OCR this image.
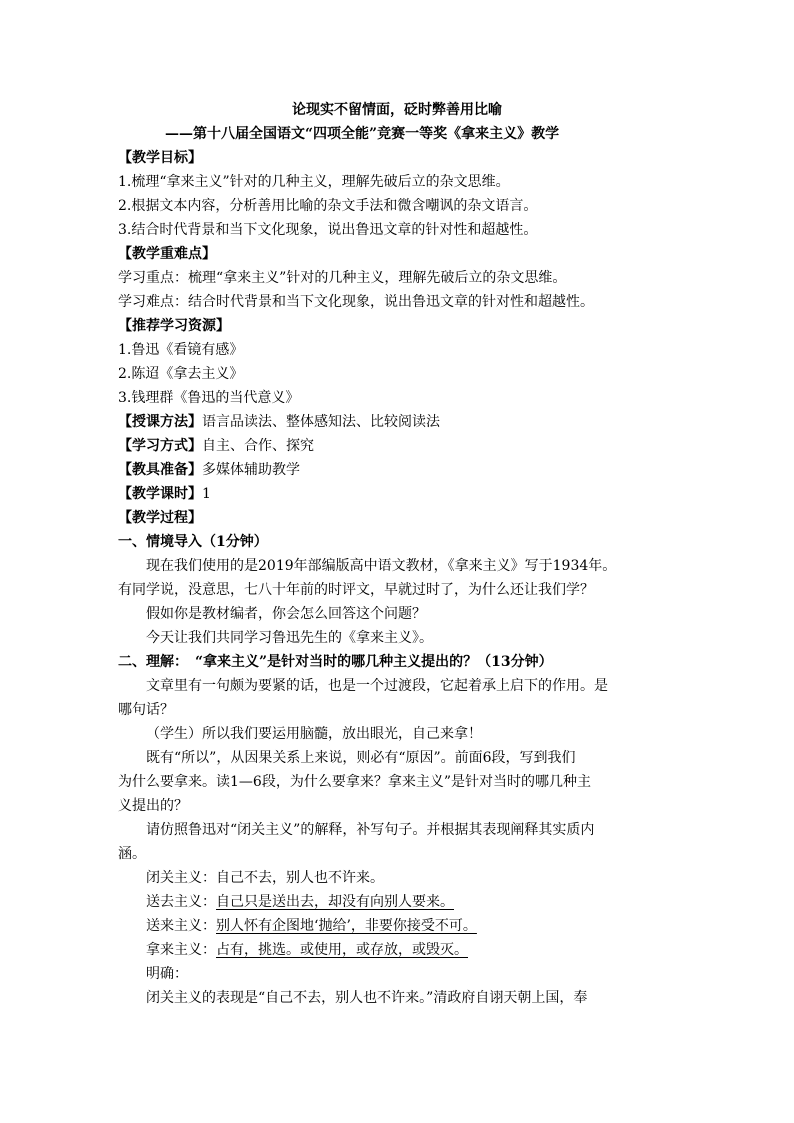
论现实不留情面，砭时弊善用比喻
——第十八届全国语文“四项全能”竞赛一等奖《拿来主义》教学
【教学目标】
1.梳理“拿来主义”针对的几种主义，理解先破后立的杂文思维。
2.根据文本内容，分析善用比喻的杂文手法和微含嘲讽的杂文语言。
3.结合时代背景和当下文化现象，说出鲁迅文章的针对性和超越性。
【教学重难点】
学习重点：梳理“拿来主义”针对的几种主义，理解先破后立的杂文思维。
学习难点：结合时代背景和当下文化现象，说出鲁迅文章的针对性和超越性。
【推荐学习资源】
1.鲁迅《看镜有感》
2.陈迢《拿去主义》
3.钱理群《鲁迅的当代意义》
【授课方法】语言品读法、整体感知法、比较阅读法
【学习方式】自主、合作、探究
【教具准备】多媒体辅助教学
【教学课时】1
【教学过程】
一、情境导入（1分钟）
现在我们使用的是2019年部编版高中语文教材，《拿来主义》写于1934年。
有同学说，没意思，七八十年前的时评文，早就过时了，为什么还让我们学？
假如你是教材编者，你会怎么回答这个问题？
今天让我们共同学习鲁迅先生的《拿来主义》。
二、理解：　“拿来主义”是针对当时的哪几种主义提出的？（13分钟）
文章里有一句颇为要紧的话，也是一个过渡段，它起着承上启下的作用。是
哪句话？
（学生）所以我们要运用脑髓，放出眼光，自己来拿！
既有“所以”，从因果关系上来说，则必有“原因”。前面6段，写到我们
为什么要拿来。读1—6段，为什么要拿来？拿来主义”是针对当时的哪几种主
义提出的？
请仿照鲁迅对“闭关主义”的解释，补写句子。并根据其表现阐释其实质内
涵。
闭关主义：自己不去，别人也不许来。
送去主义：自己只是送出去，却没有向别人要来。
送来主义：别人怀有企图地‘抛给’，非要你接受不可。
拿来主义：占有，挑选。或使用，或存放，或毁灭。
明确：
闭关主义的表现是“自己不去，别人也不许来。”清政府自诩天朝上国，奉
